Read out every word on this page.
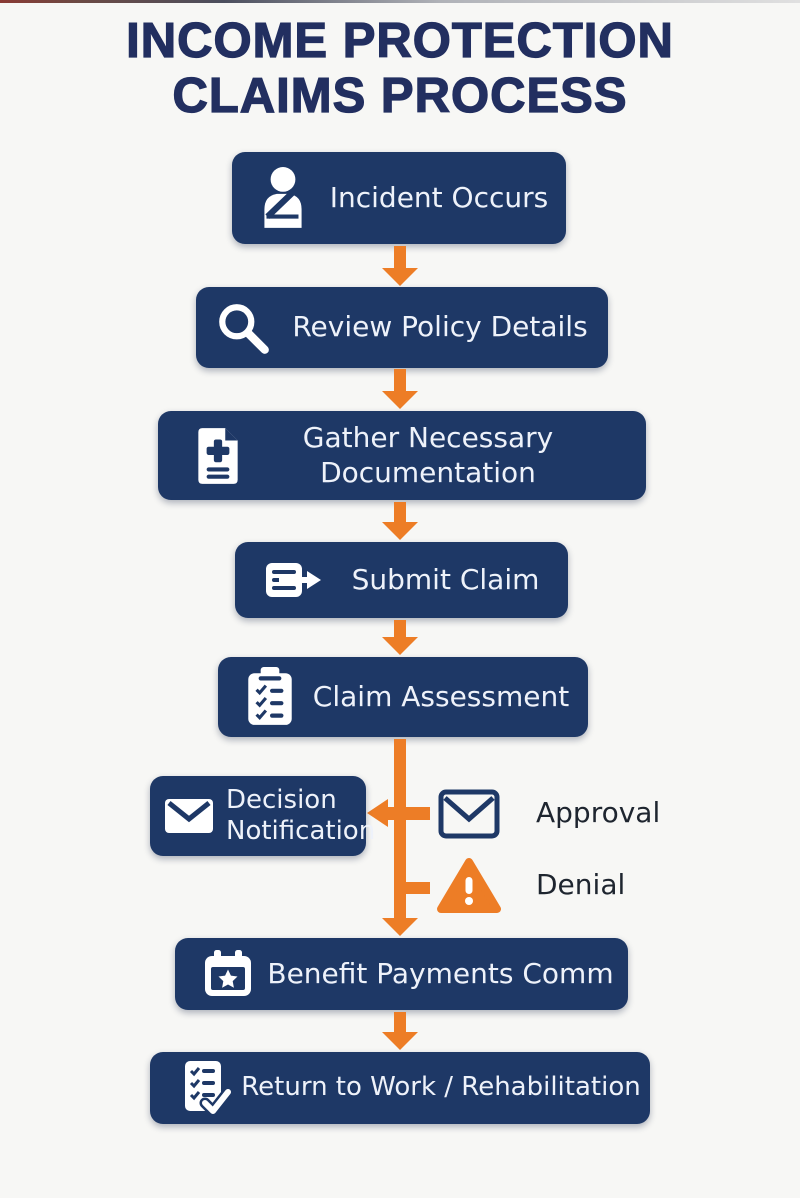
INCOME PROTECTION
CLAIMS PROCESS
Incident Occurs
Review Policy Details
Gather Necessary Documentation
Submit Claim
Claim Assessment
Decision Notification
Approval
Denial
Benefit Payments Comm
Return to Work / Rehabilitation
